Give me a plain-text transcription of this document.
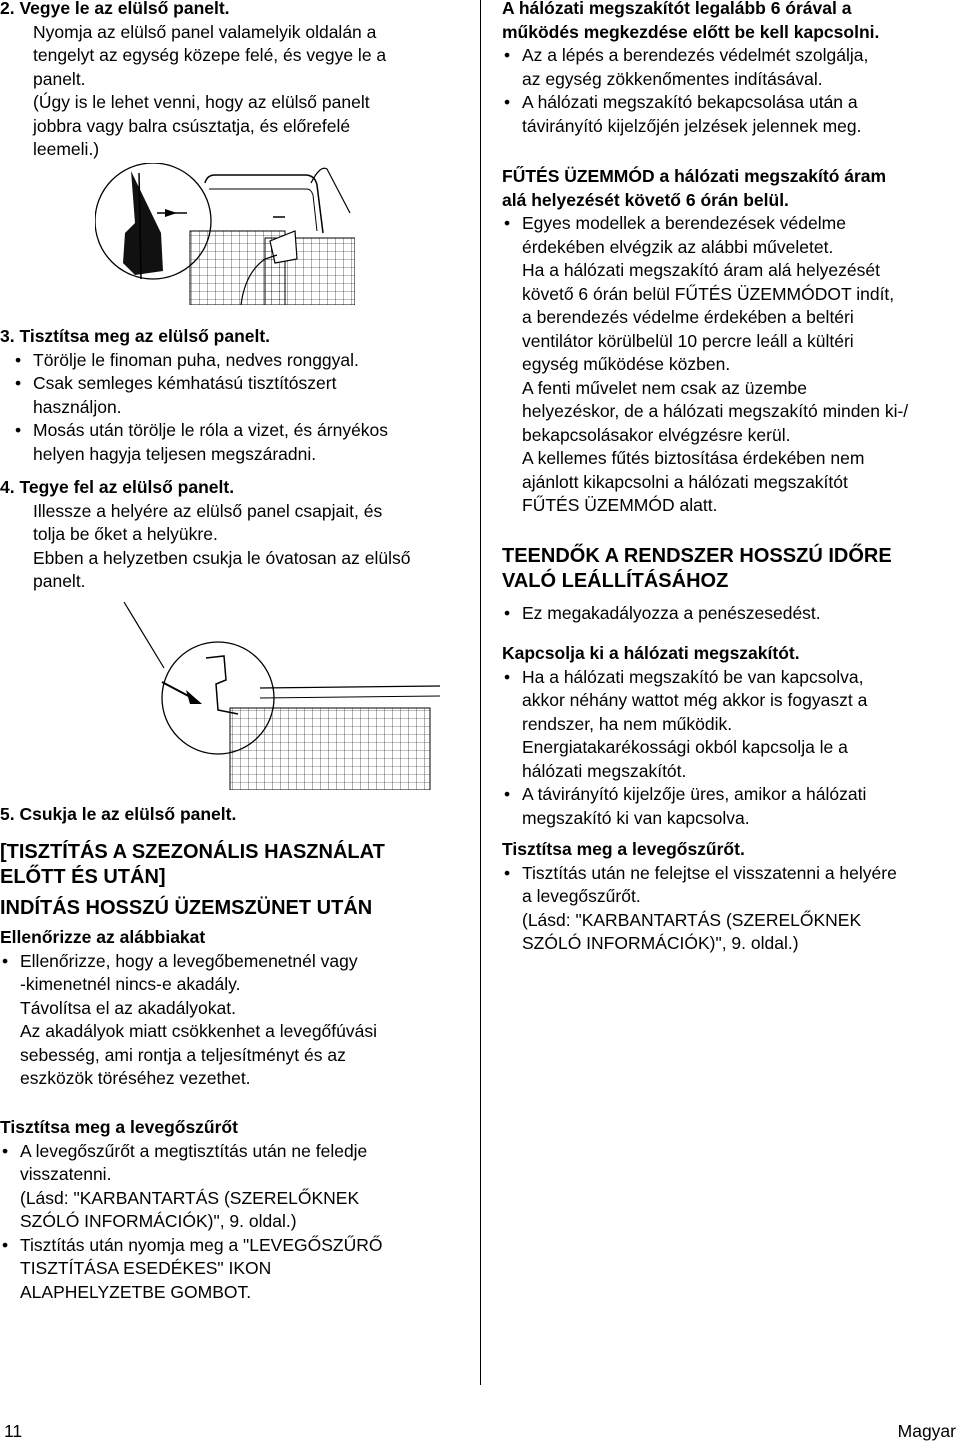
2. Vegye le az elülső panelt.
Nyomja az elülső panel valamelyik oldalán a
tengelyt az egység közepe felé, és vegye le a
panelt.
(Úgy is le lehet venni, hogy az elülső panelt
jobbra vagy balra csúsztatja, és előrefelé
leemeli.)
3. Tisztítsa meg az elülső panelt.
• Törölje le finoman puha, nedves ronggyal.
• Csak semleges kémhatású tisztítószert
használjon.
• Mosás után törölje le róla a vizet, és árnyékos
helyen hagyja teljesen megszáradni.
4. Tegye fel az elülső panelt.
Illessze a helyére az elülső panel csapjait, és
tolja be őket a helyükre.
Ebben a helyzetben csukja le óvatosan az elülső
panelt.
5. Csukja le az elülső panelt.
[TISZTÍTÁS A SZEZONÁLIS HASZNÁLAT
ELŐTT ÉS UTÁN]
INDÍTÁS HOSSZÚ ÜZEMSZÜNET UTÁN
Ellenőrizze az alábbiakat
• Ellenőrizze, hogy a levegőbemenetnél vagy
-kimenetnél nincs-e akadály.
Távolítsa el az akadályokat.
Az akadályok miatt csökkenhet a levegőfúvási
sebesség, ami rontja a teljesítményt és az
eszközök töréséhez vezethet.
Tisztítsa meg a levegőszűrőt
• A levegőszűrőt a megtisztítás után ne feledje
visszatenni.
(Lásd: "KARBANTARTÁS (SZERELŐKNEK
SZÓLÓ INFORMÁCIÓK)", 9. oldal.)
• Tisztítás után nyomja meg a "LEVEGŐSZŰRŐ
TISZTÍTÁSA ESEDÉKES" IKON
ALAPHELYZETBE GOMBOT.
A hálózati megszakítót legalább 6 órával a
működés megkezdése előtt be kell kapcsolni.
• Az a lépés a berendezés védelmét szolgálja,
az egység zökkenőmentes indításával.
• A hálózati megszakító bekapcsolása után a
távirányító kijelzőjén jelzések jelennek meg.
FŰTÉS ÜZEMMÓD a hálózati megszakító áram
alá helyezését követő 6 órán belül.
• Egyes modellek a berendezések védelme
érdekében elvégzik az alábbi műveletet.
Ha a hálózati megszakító áram alá helyezését
követő 6 órán belül FŰTÉS ÜZEMMÓDOT indít,
a berendezés védelme érdekében a beltéri
ventilátor körülbelül 10 percre leáll a kültéri
egység működése közben.
A fenti művelet nem csak az üzembe
helyezéskor, de a hálózati megszakító minden ki-/
bekapcsolásakor elvégzésre kerül.
A kellemes fűtés biztosítása érdekében nem
ajánlott kikapcsolni a hálózati megszakítót
FŰTÉS ÜZEMMÓD alatt.
TEENDŐK A RENDSZER HOSSZÚ IDŐRE
VALÓ LEÁLLÍTÁSÁHOZ
• Ez megakadályozza a penészesedést.
Kapcsolja ki a hálózati megszakítót.
• Ha a hálózati megszakító be van kapcsolva,
akkor néhány wattot még akkor is fogyaszt a
rendszer, ha nem működik.
Energiatakarékossági okból kapcsolja le a
hálózati megszakítót.
• A távirányító kijelzője üres, amikor a hálózati
megszakító ki van kapcsolva.
Tisztítsa meg a levegőszűrőt.
• Tisztítás után ne felejtse el visszatenni a helyére
a levegőszűrőt.
(Lásd: "KARBANTARTÁS (SZERELŐKNEK
SZÓLÓ INFORMÁCIÓK)", 9. oldal.)
11	Magyar
